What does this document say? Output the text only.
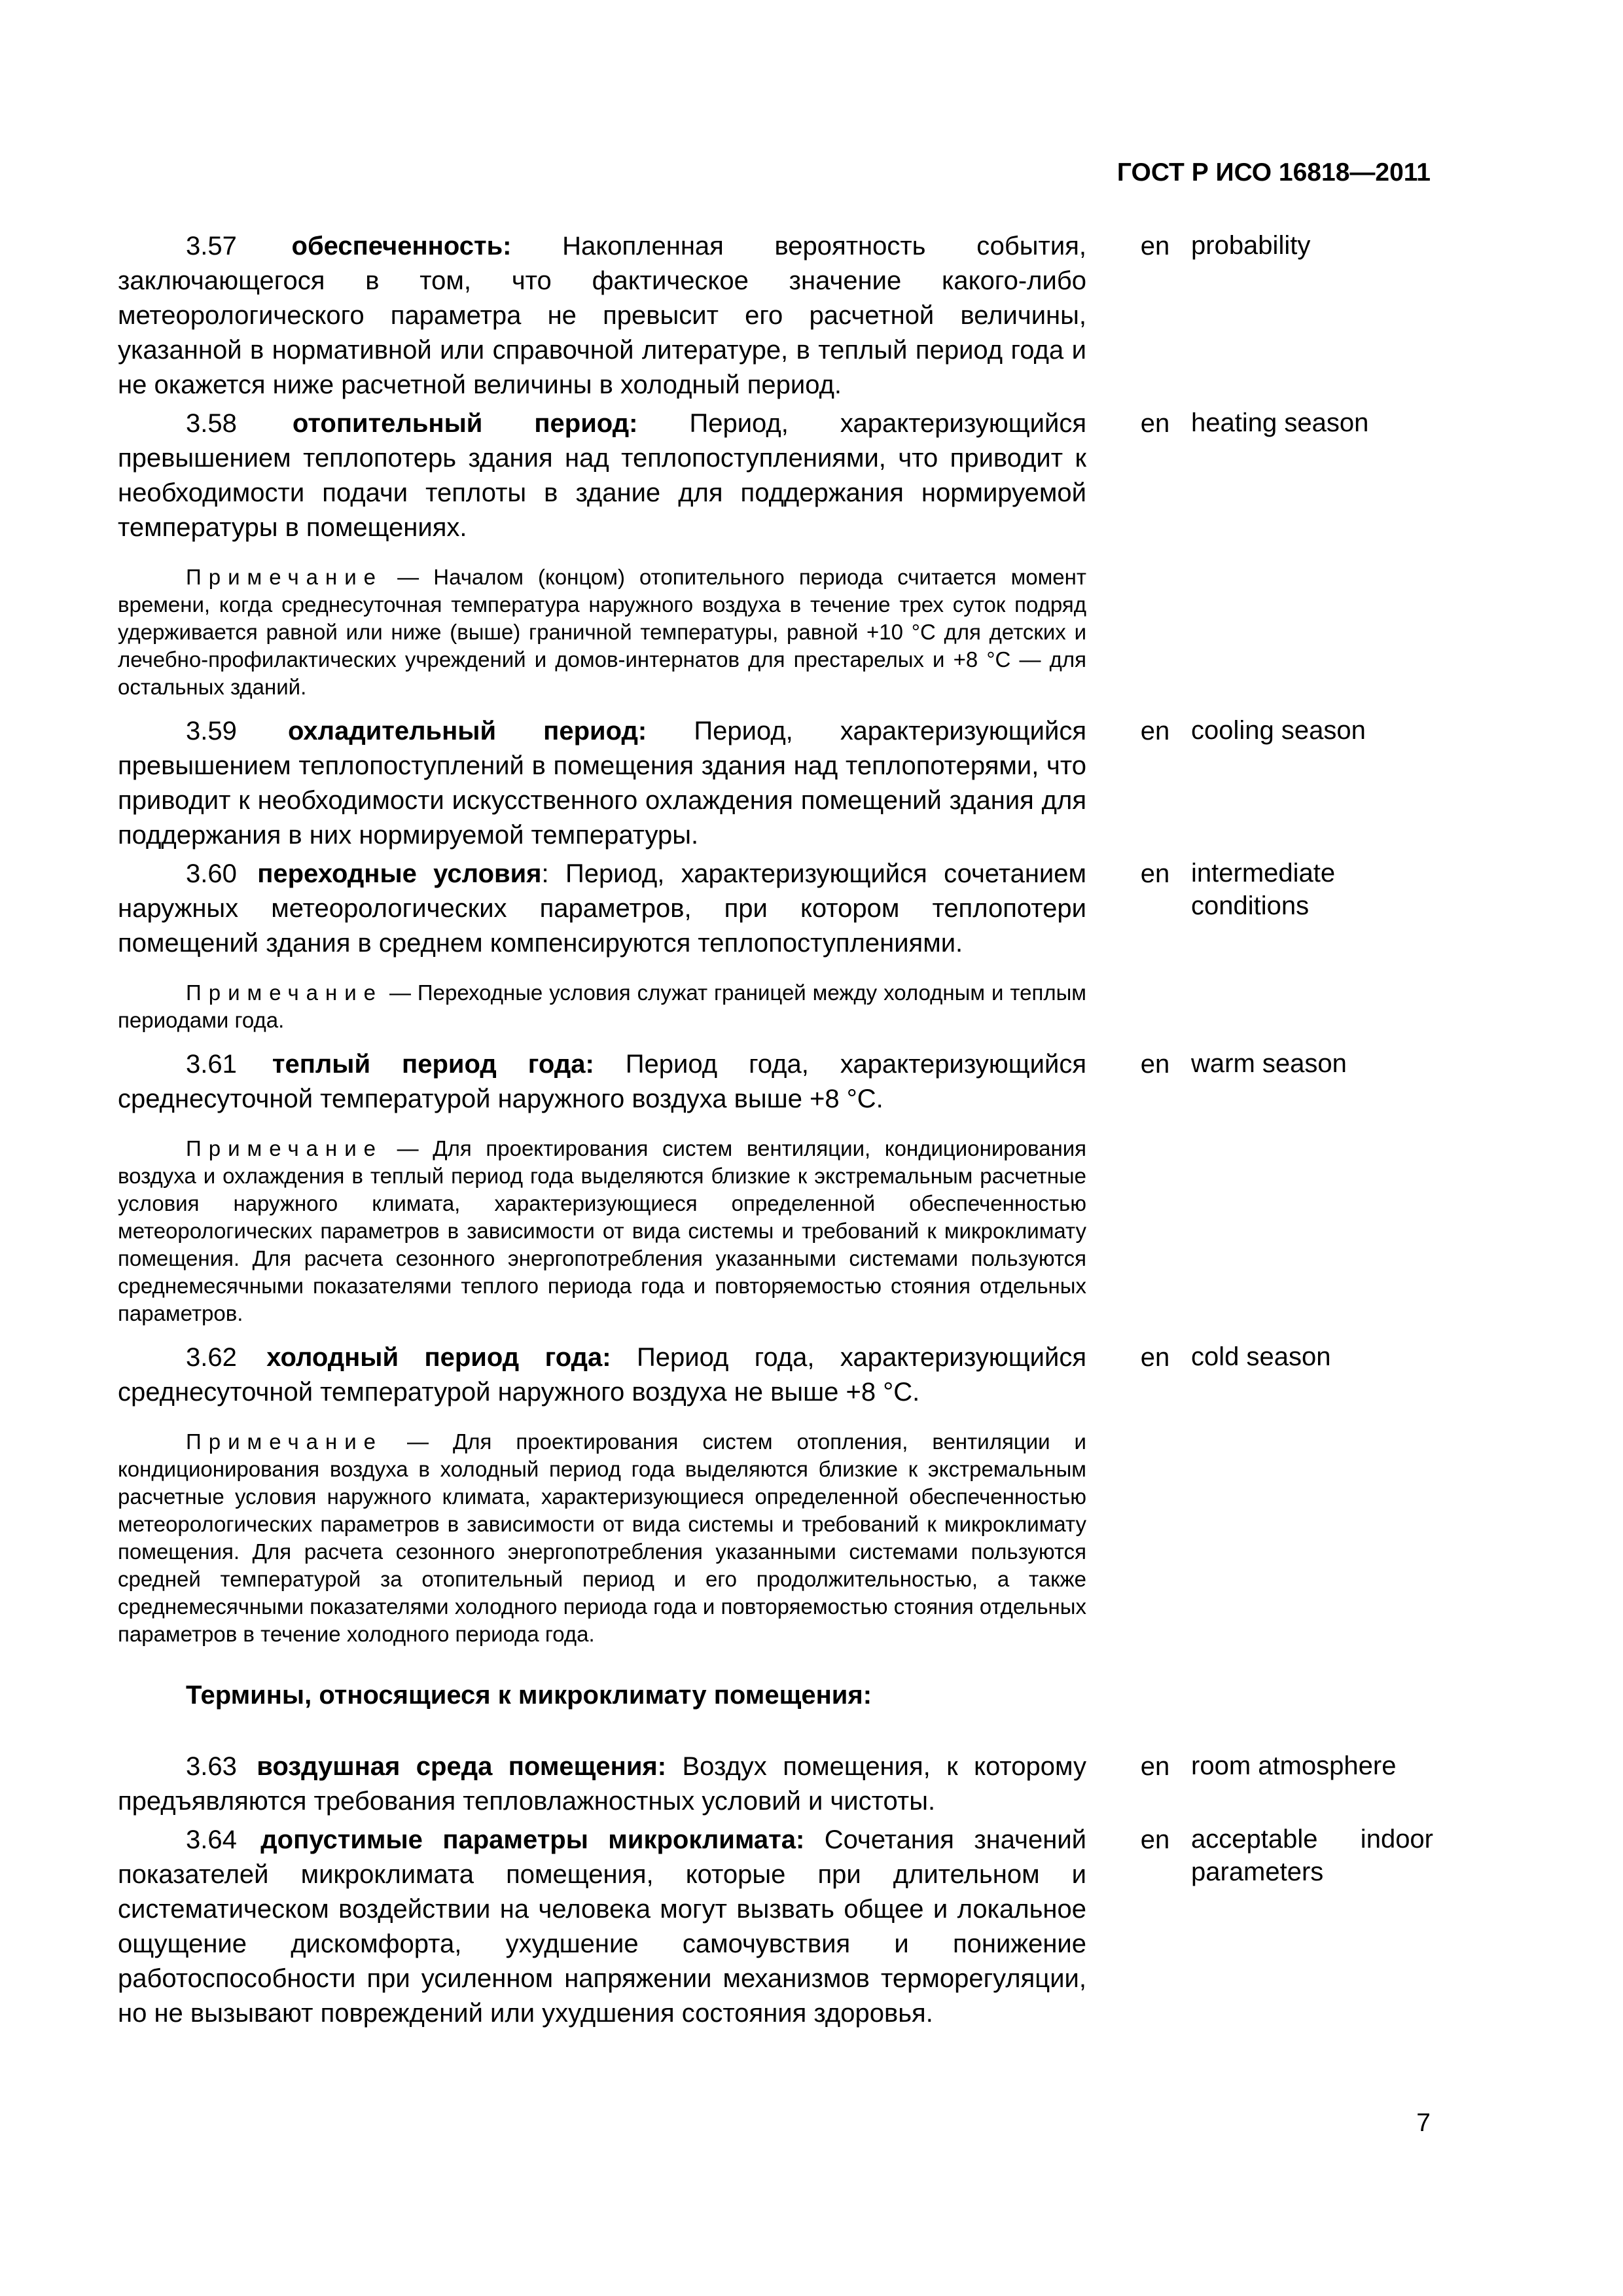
ГОСТ Р ИСО 16818—2011
3.57 обеспеченность: Накопленная вероятность события, заключающегося в том, что фактическое значение какого-либо метеорологического параметра не превысит его расчетной величины, указанной в нормативной или справочной литературе, в теплый период года и не окажется ниже расчетной величины в холодный период.
en probability
3.58 отопительный период: Период, характеризующийся превышением теплопотерь здания над теплопоступлениями, что приводит к необходимости подачи теплоты в здание для поддержания нормируемой температуры в помещениях.
en heating season
Примечание — Началом (концом) отопительного периода считается момент времени, когда среднесуточная температура наружного воздуха в течение трех суток подряд удерживается равной или ниже (выше) граничной температуры, равной +10 °С для детских и лечебно-профилактических учреждений и домов-интернатов для престарелых и +8 °С — для остальных зданий.
3.59 охладительный период: Период, характеризующийся превышением теплопоступлений в помещения здания над теплопотерями, что приводит к необходимости искусственного охлаждения помещений здания для поддержания в них нормируемой температуры.
en cooling season
3.60 переходные условия: Период, характеризующийся сочетанием наружных метеорологических параметров, при котором теплопотери помещений здания в среднем компенсируются теплопоступлениями.
en intermediate conditions
Примечание — Переходные условия служат границей между холодным и теплым периодами года.
3.61 теплый период года: Период года, характеризующийся среднесуточной температурой наружного воздуха выше +8 °С.
en warm season
Примечание — Для проектирования систем вентиляции, кондиционирования воздуха и охлаждения в теплый период года выделяются близкие к экстремальным расчетные условия наружного климата, характеризующиеся определенной обеспеченностью метеорологических параметров в зависимости от вида системы и требований к микроклимату помещения. Для расчета сезонного энергопотребления указанными системами пользуются среднемесячными показателями теплого периода года и повторяемостью стояния отдельных параметров.
3.62 холодный период года: Период года, характеризующийся среднесуточной температурой наружного воздуха не выше +8 °С.
en cold season
Примечание — Для проектирования систем отопления, вентиляции и кондиционирования воздуха в холодный период года выделяются близкие к экстремальным расчетные условия наружного климата, характеризующиеся определенной обеспеченностью метеорологических параметров в зависимости от вида системы и требований к микроклимату помещения. Для расчета сезонного энергопотребления указанными системами пользуются средней температурой за отопительный период и его продолжительностью, а также среднемесячными показателями холодного периода года и повторяемостью стояния отдельных параметров в течение холодного периода года.
Термины, относящиеся к микроклимату помещения:
3.63 воздушная среда помещения: Воздух помещения, к которому предъявляются требования тепловлажностных условий и чистоты.
en room atmosphere
3.64 допустимые параметры микроклимата: Сочетания значений показателей микроклимата помещения, которые при длительном и систематическом воздействии на человека могут вызвать общее и локальное ощущение дискомфорта, ухудшение самочувствия и понижение работоспособности при усиленном напряжении механизмов терморегуляции, но не вызывают повреждений или ухудшения состояния здоровья.
en acceptable indoor parameters
7
